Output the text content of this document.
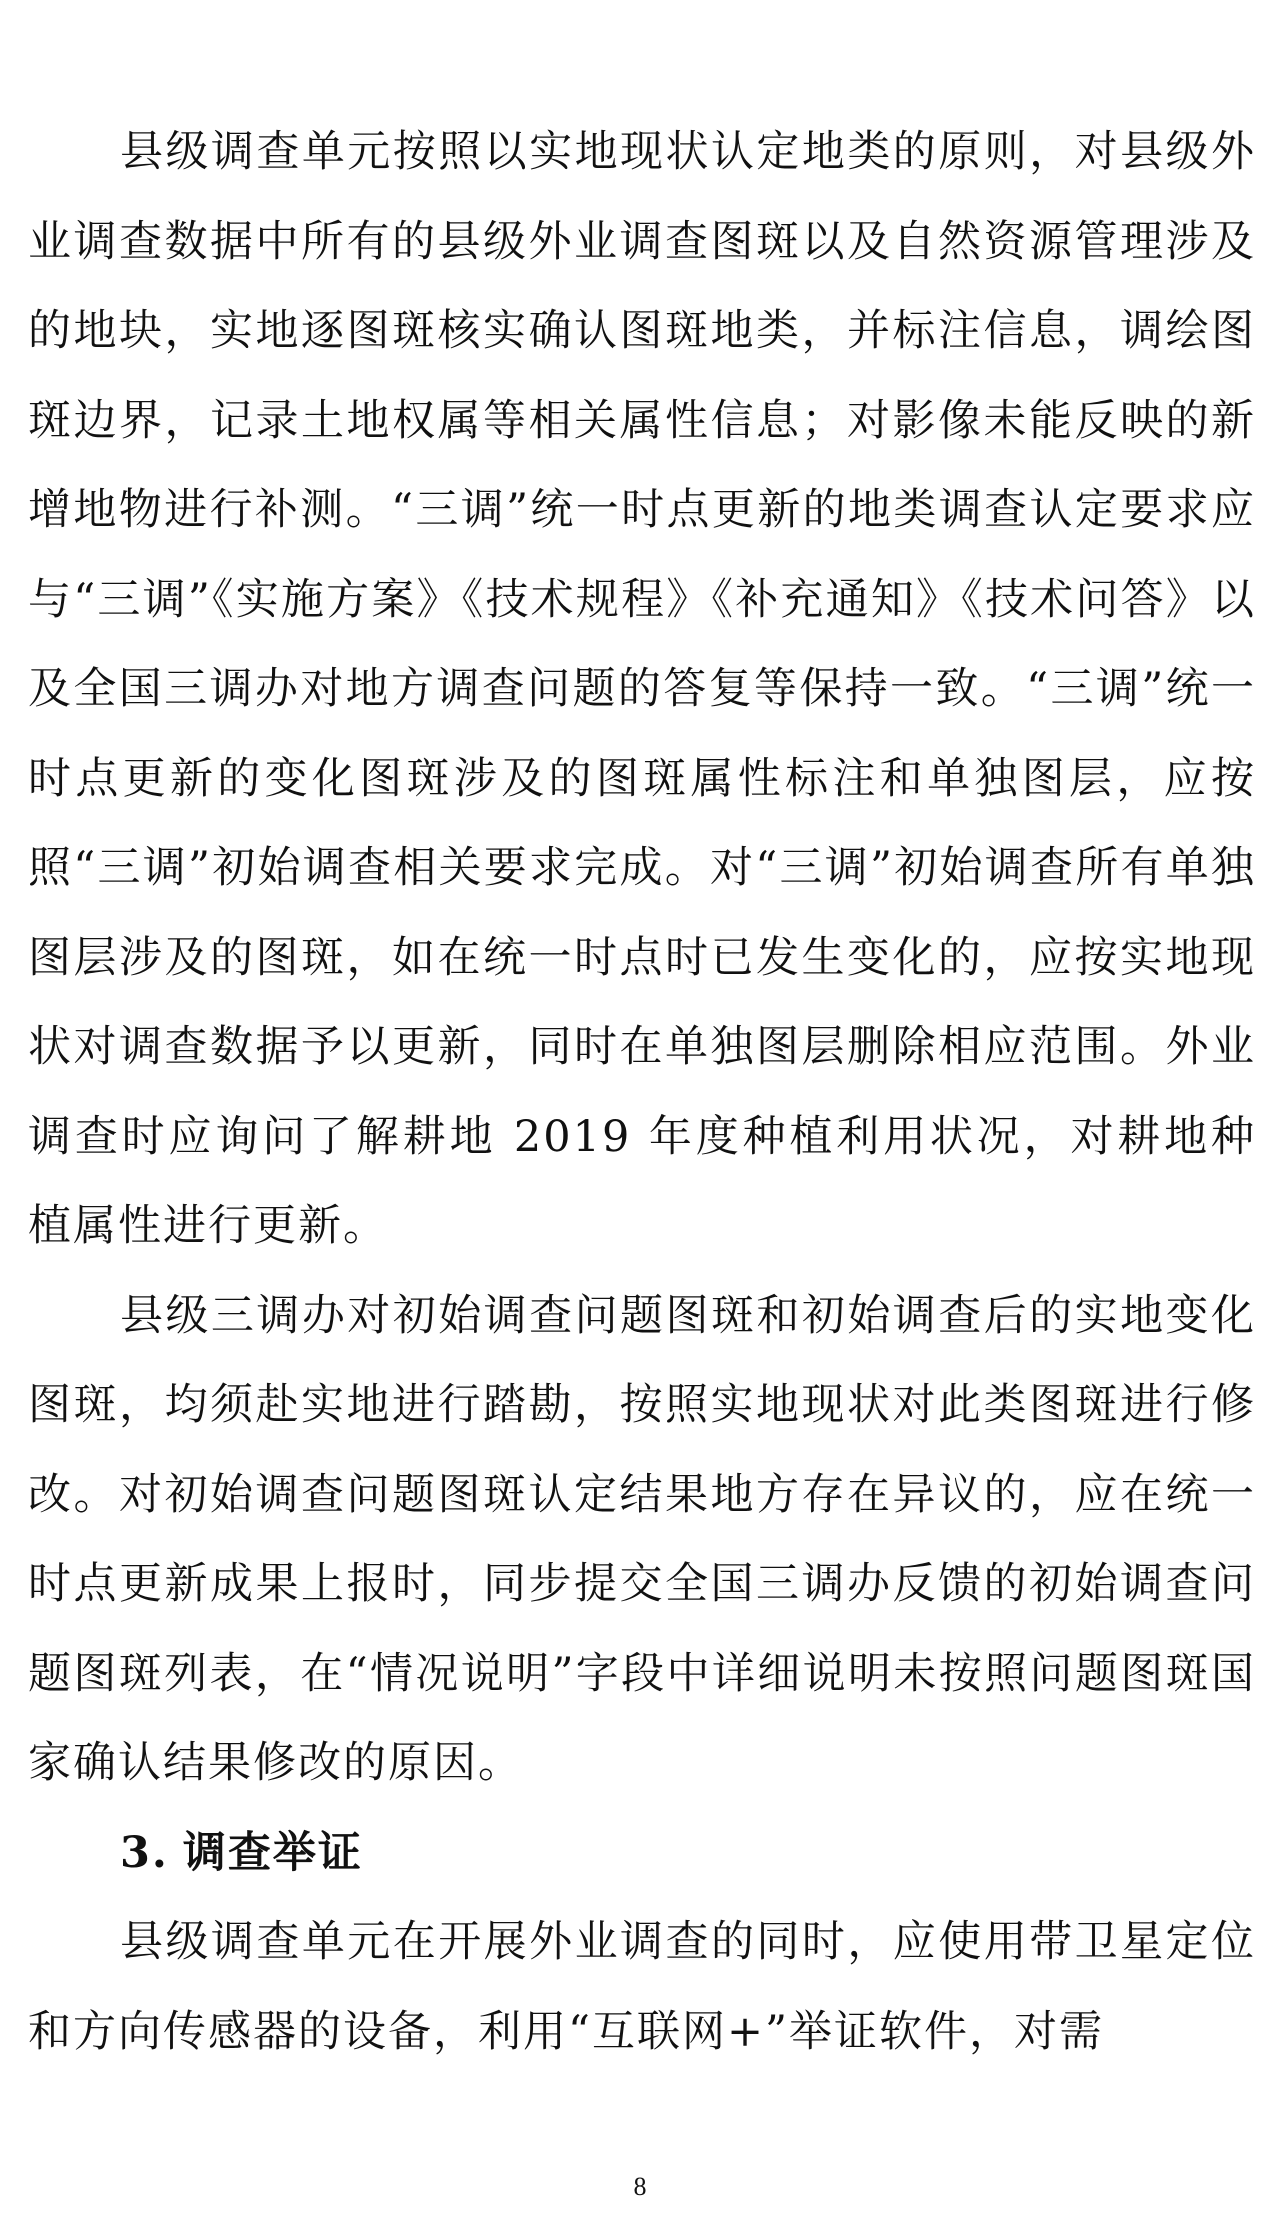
县级调查单元按照以实地现状认定地类的原则，对县级外业调查数据中所有的县级外业调查图斑以及自然资源管理涉及的地块，实地逐图斑核实确认图斑地类，并标注信息，调绘图斑边界，记录土地权属等相关属性信息；对影像未能反映的新增地物进行补测。“三调”统一时点更新的地类调查认定要求应与“三调”《实施方案》《技术规程》《补充通知》《技术问答》以及全国三调办对地方调查问题的答复等保持一致。“三调”统一时点更新的变化图斑涉及的图斑属性标注和单独图层，应按照“三调”初始调查相关要求完成。对“三调”初始调查所有单独图层涉及的图斑，如在统一时点时已发生变化的，应按实地现状对调查数据予以更新，同时在单独图层删除相应范围。外业调查时应询问了解耕地 2019 年度种植利用状况，对耕地种植属性进行更新。

县级三调办对初始调查问题图斑和初始调查后的实地变化图斑，均须赴实地进行踏勘，按照实地现状对此类图斑进行修改。对初始调查问题图斑认定结果地方存在异议的，应在统一时点更新成果上报时，同步提交全国三调办反馈的初始调查问题图斑列表，在“情况说明”字段中详细说明未按照问题图斑国家确认结果修改的原因。

3. 调查举证

县级调查单元在开展外业调查的同时，应使用带卫星定位和方向传感器的设备，利用“互联网+”举证软件，对需

8
